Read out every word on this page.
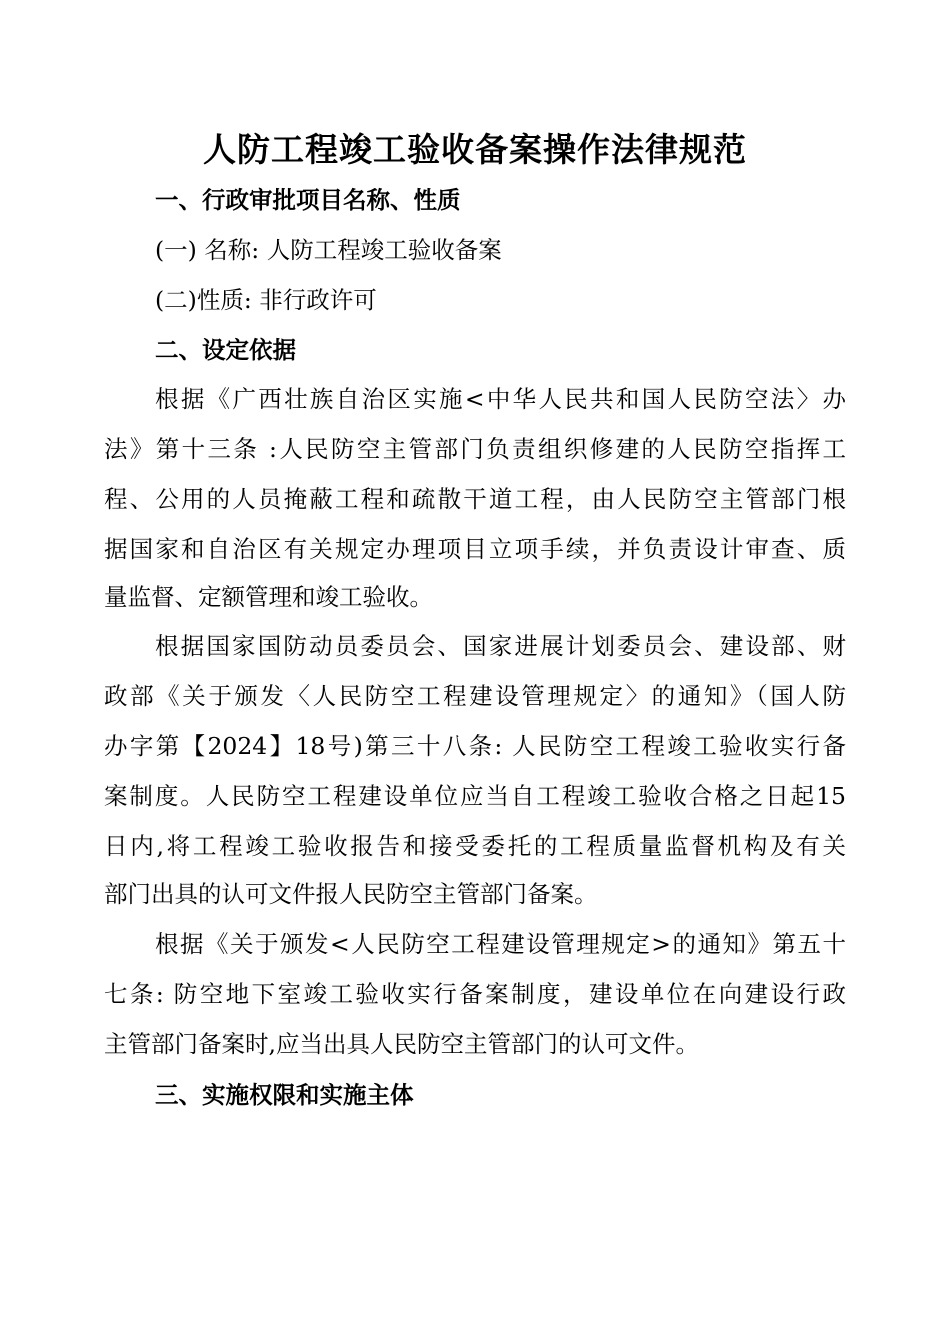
人防工程竣工验收备案操作法律规范
一、行政审批项目名称、性质
(一) 名称: 人防工程竣工验收备案
(二)性质: 非行政许可
二、设定依据
根据《广西壮族自治区实施<中华人民共和国人民防空法〉办
法》第十三条 :人民防空主管部门负责组织修建的人民防空指挥工
程、公用的人员掩蔽工程和疏散干道工程，由人民防空主管部门根
据国家和自治区有关规定办理项目立项手续，并负责设计审查、质
量监督、定额管理和竣工验收。
根据国家国防动员委员会、国家进展计划委员会、建设部、财
政部《关于颁发〈人民防空工程建设管理规定〉的通知》（国人防
办字第【2024】18号)第三十八条: 人民防空工程竣工验收实行备
案制度。人民防空工程建设单位应当自工程竣工验收合格之日起15
日内,将工程竣工验收报告和接受委托的工程质量监督机构及有关
部门出具的认可文件报人民防空主管部门备案。
根据《关于颁发<人民防空工程建设管理规定>的通知》第五十
七条: 防空地下室竣工验收实行备案制度，建设单位在向建设行政
主管部门备案时,应当出具人民防空主管部门的认可文件。
三、实施权限和实施主体
